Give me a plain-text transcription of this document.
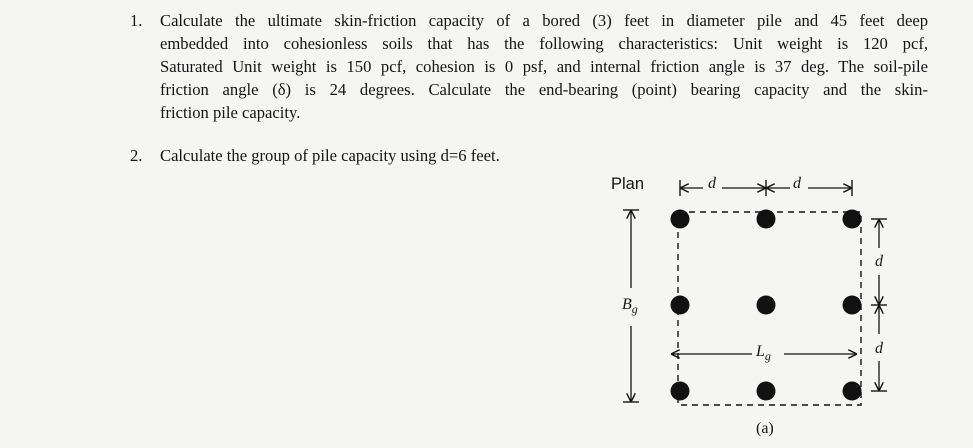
1.	Calculate the ultimate skin-friction capacity of a bored (3) feet in diameter pile and 45 feet deep
embedded into cohesionless soils that has the following characteristics: Unit weight is 120 pcf,
Saturated Unit weight is 150 pcf, cohesion is 0 psf, and internal friction angle is 37 deg. The soil-pile
friction angle (δ) is 24 degrees. Calculate the end-bearing (point) bearing capacity and the skin-
friction pile capacity.
2.	Calculate the group of pile capacity using d=6 feet.
Plan	d	d
d
d
$B_g$
$L_g$
(a)
